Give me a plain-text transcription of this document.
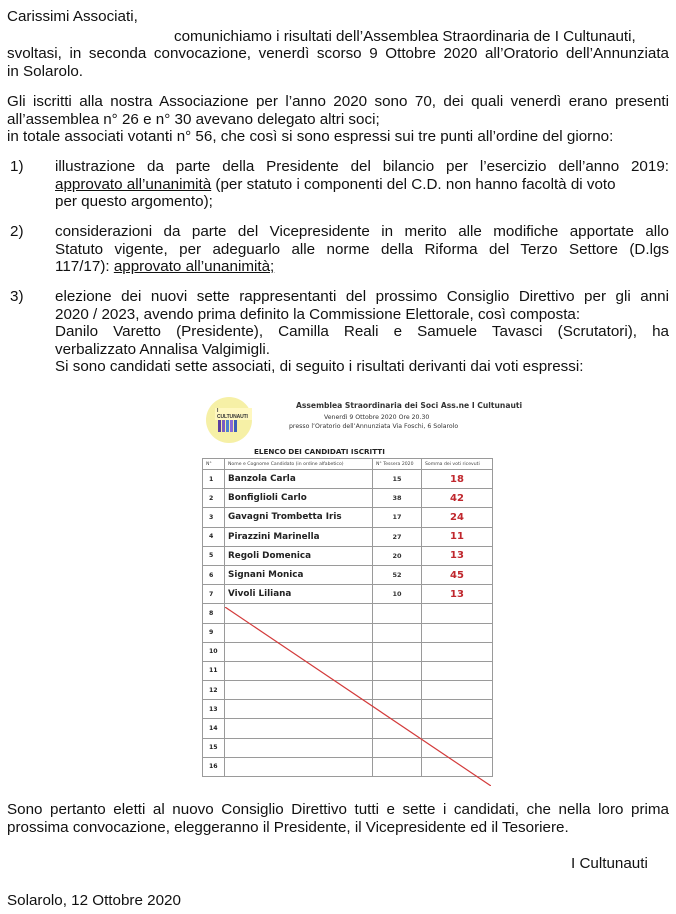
Carissimi Associati,
comunichiamo i risultati dell’Assemblea Straordinaria de I Cultunauti,
svoltasi, in seconda convocazione, venerdì scorso 9 Ottobre 2020 all’Oratorio dell’Annunziata
in Solarolo.
Gli iscritti alla nostra Associazione per l’anno 2020 sono 70, dei quali venerdì erano presenti
all’assemblea n° 26 e n° 30 avevano delegato altri soci;
in totale associati votanti n° 56, che così si sono espressi sui tre punti all’ordine del giorno:
1) illustrazione da parte della Presidente del bilancio per l’esercizio dell’anno 2019:
approvato all’unanimità (per statuto i componenti del C.D. non hanno facoltà di voto
per questo argomento);
2) considerazioni da parte del Vicepresidente in merito alle modifiche apportate allo
Statuto vigente, per adeguarlo alle norme della Riforma del Terzo Settore (D.lgs
117/17): approvato all’unanimità;
3) elezione dei nuovi sette rappresentanti del prossimo Consiglio Direttivo per gli anni
2020 / 2023, avendo prima definito la Commissione Elettorale, così composta:
Danilo Varetto (Presidente), Camilla Reali e Samuele Tavasci (Scrutatori), ha
verbalizzato Annalisa Valgimigli.
Si sono candidati sette associati, di seguito i risultati derivanti dai voti espressi:
I CULTUNAUTI
Assemblea Straordinaria dei Soci Ass.ne I Cultunauti
Venerdì 9 Ottobre 2020 Ore 20.30
presso l’Oratorio dell’Annunziata Via Foschi, 6 Solarolo
ELENCO DEI CANDIDATI ISCRITTI
N°	Nome e Cognome Candidato (in ordine alfabetico)	N° Tessera 2020	Somma dei voti ricevuti
1	Banzola Carla	15	18
2	Bonfiglioli Carlo	38	42
3	Gavagni Trombetta Iris	17	24
4	Pirazzini Marinella	27	11
5	Regoli Domenica	20	13
6	Signani Monica	52	45
7	Vivoli Liliana	10	13
8			
9			
10			
11			
12			
13			
14			
15			
16			
Sono pertanto eletti al nuovo Consiglio Direttivo tutti e sette i candidati, che nella loro prima
prossima convocazione, eleggeranno il Presidente, il Vicepresidente ed il Tesoriere.
I Cultunauti
Solarolo, 12 Ottobre 2020
